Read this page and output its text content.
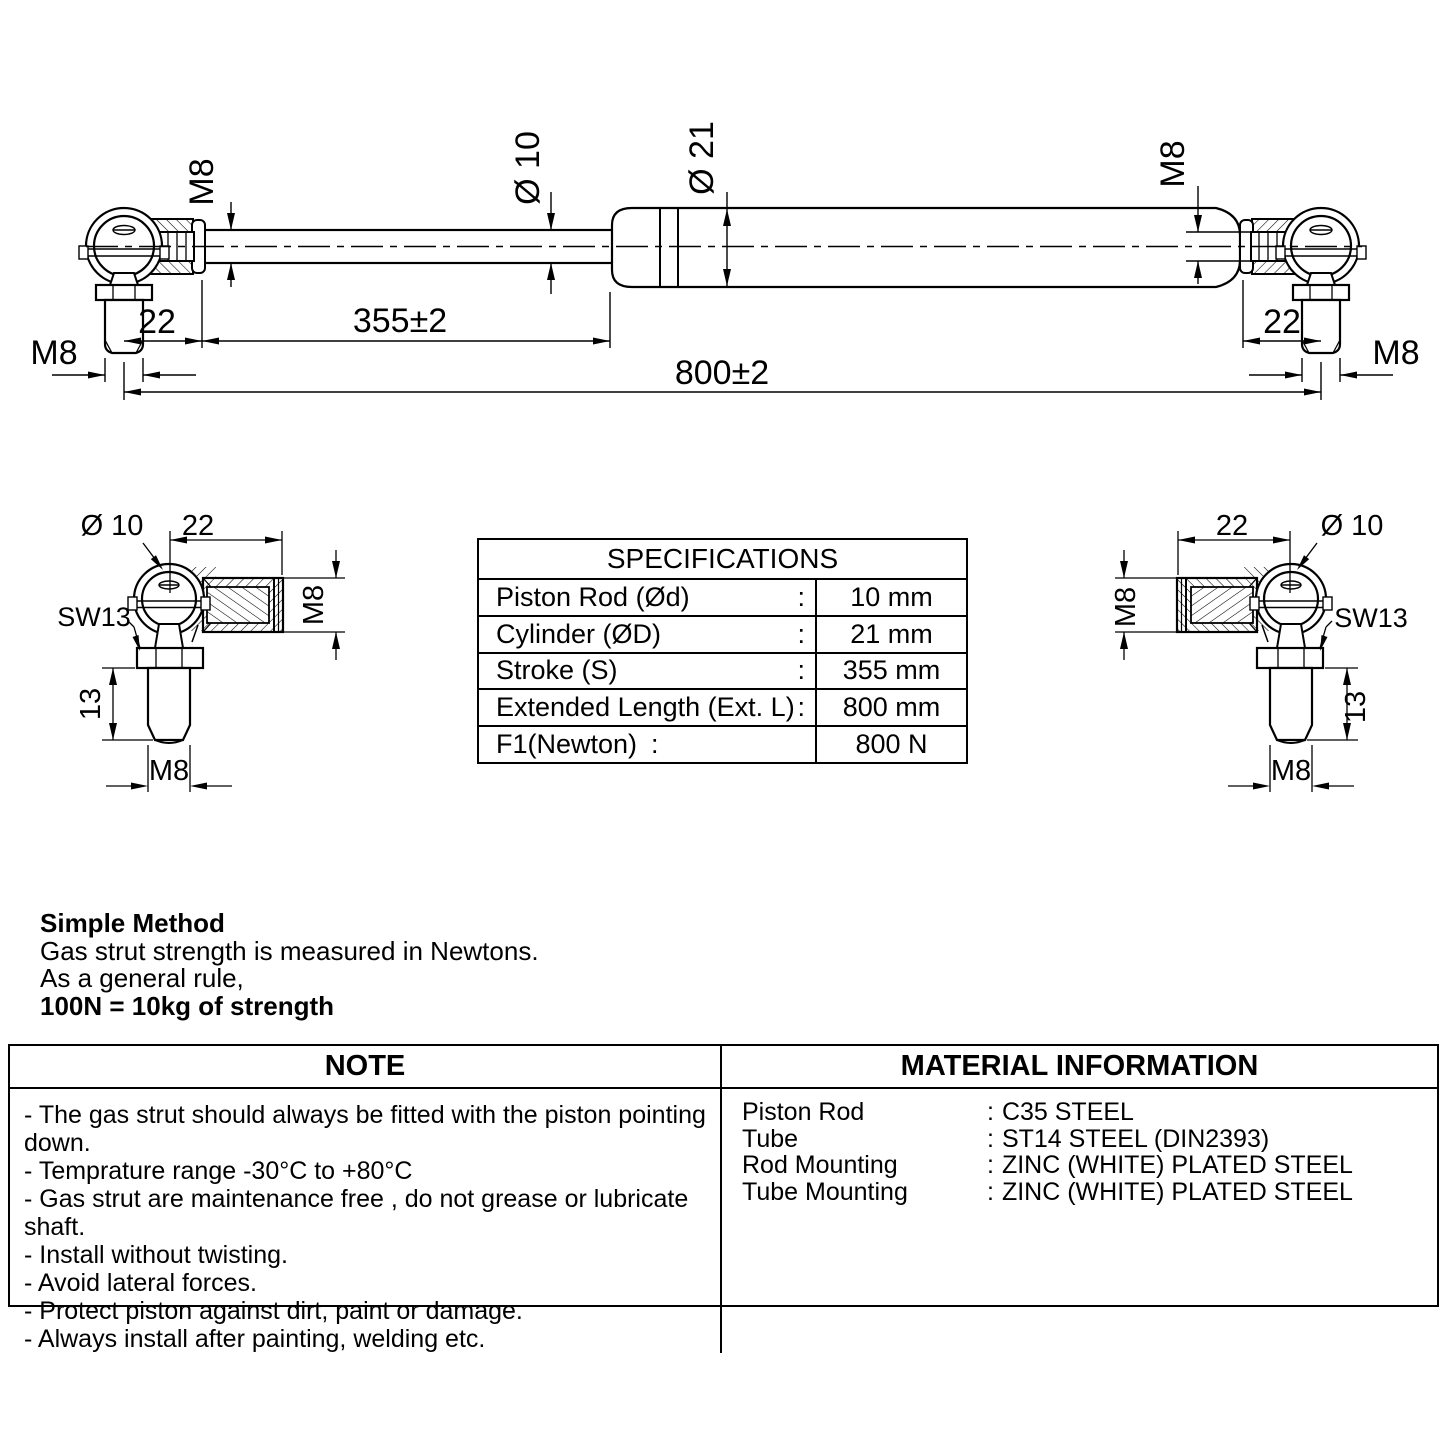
M8	Ø 10	Ø 21	M8
22	355±2
800±2
M8
22
M8
Ø 10 22
SW13	M8
13
M8
22 Ø 10
M8	SW13
13
M8
SPECIFICATIONS
Piston Rod (Ød)	:	10 mm
Cylinder (ØD)	:	21 mm
Stroke (S)	:	355 mm
Extended Length (Ext. L) :	800 mm
F1(Newton) :	800 N
Simple Method
Gas strut strength is measured in Newtons.
As a general rule,
100N = 10kg of strength
NOTE	MATERIAL INFORMATION
- The gas strut should always be fitted with the piston pointing down.
- Temprature range -30°C to +80°C
- Gas strut are maintenance free , do not grease or lubricate shaft.
- Install without twisting.
- Avoid lateral forces.
- Protect piston against dirt, paint or damage.
- Always install after painting, welding etc.
Piston Rod	: C35 STEEL
Tube	: ST14 STEEL (DIN2393)
Rod Mounting	: ZINC (WHITE) PLATED STEEL
Tube Mounting	: ZINC (WHITE) PLATED STEEL
